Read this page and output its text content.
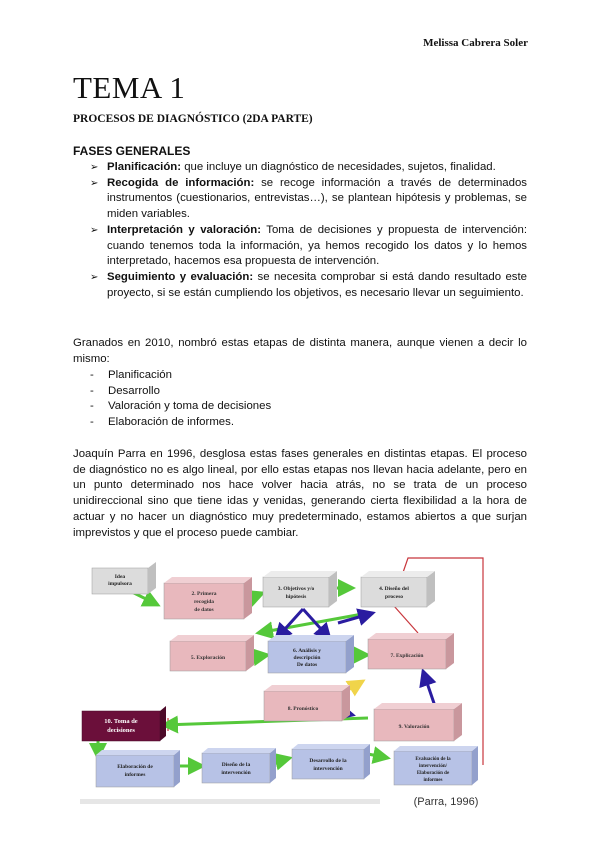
Melissa Cabrera Soler
TEMA 1
PROCESOS DE DIAGNÓSTICO (2DA PARTE)
FASES GENERALES
➢ Planificación: que incluye un diagnóstico de necesidades, sujetos, finalidad.
➢ Recogida de información: se recoge información a través de determinados instrumentos (cuestionarios, entrevistas…), se plantean hipótesis y problemas, se miden variables.
➢ Interpretación y valoración: Toma de decisiones y propuesta de intervención: cuando tenemos toda la información, ya hemos recogido los datos y lo hemos interpretado, hacemos esa propuesta de intervención.
➢ Seguimiento y evaluación: se necesita comprobar si está dando resultado este proyecto, si se están cumpliendo los objetivos, es necesario llevar un seguimiento.

Granados en 2010, nombró estas etapas de distinta manera, aunque vienen a decir lo mismo:

- Planificación
- Desarrollo
- Valoración y toma de decisiones
- Elaboración de informes.

Joaquín Parra en 1996, desglosa estas fases generales en distintas etapas. El proceso de diagnóstico no es algo lineal, por ello estas etapas nos llevan hacia adelante, pero en un punto determinado nos hace volver hacia atrás, no se trata de un proceso unidireccional sino que tiene idas y venidas, generando cierta flexibilidad a la hora de actuar y no hacer un diagnóstico muy predeterminado, estamos abiertos a que surjan imprevistos y que el proceso puede cambiar.

Idea
impulsora
2. Primera
recogida
de datos
3. Objetivos y/o
hipótesis
4. Diseño del
proceso
5. Exploración
6. Análisis y
descripción
De datos
7. Explicación
8. Pronóstico
9. Valoración
10. Toma de
decisiones
Elaboración de
informes
Diseño de la
intervención
Desarrollo de la
intervención
Evaluación de la
intervención/
Elaboración de
informes
(Parra, 1996)
